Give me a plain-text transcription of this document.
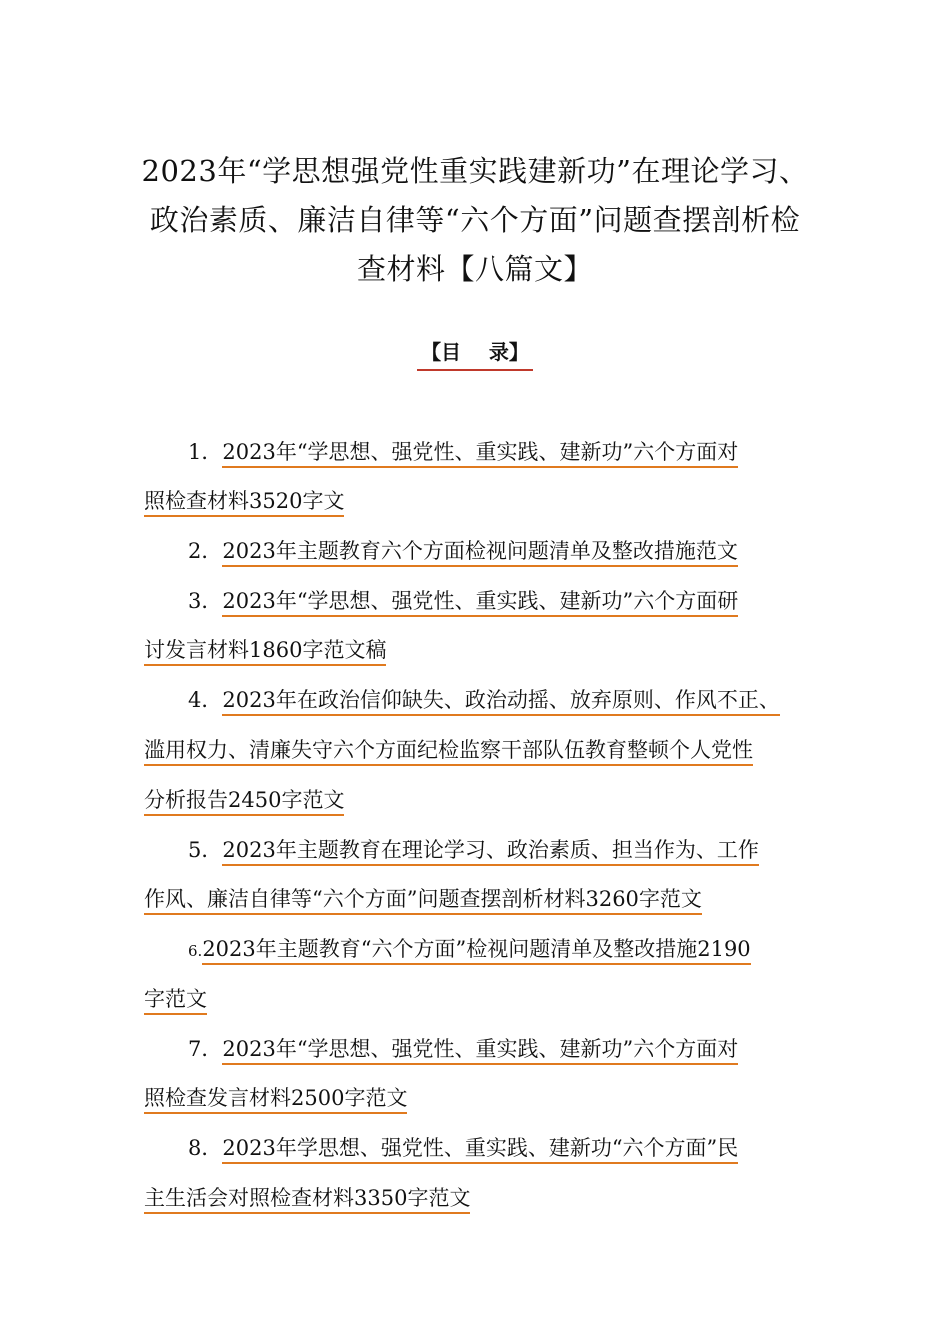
2023年“学思想强党性重实践建新功”在理论学习、
政治素质、廉洁自律等“六个方面”问题查摆剖析检
查材料【八篇文】
【目    录】
1．2023年“学思想、强党性、重实践、建新功”六个方面对
照检查材料3520字文
2．2023年主题教育六个方面检视问题清单及整改措施范文
3．2023年“学思想、强党性、重实践、建新功”六个方面研
讨发言材料1860字范文稿
4．2023年在政治信仰缺失、政治动摇、放弃原则、作风不正、
滥用权力、清廉失守六个方面纪检监察干部队伍教育整顿个人党性
分析报告2450字范文
5．2023年主题教育在理论学习、政治素质、担当作为、工作
作风、廉洁自律等“六个方面”问题查摆剖析材料3260字范文
6.2023年主题教育“六个方面”检视问题清单及整改措施2190
字范文
7．2023年“学思想、强党性、重实践、建新功”六个方面对
照检查发言材料2500字范文
8．2023年学思想、强党性、重实践、建新功“六个方面”民
主生活会对照检查材料3350字范文
